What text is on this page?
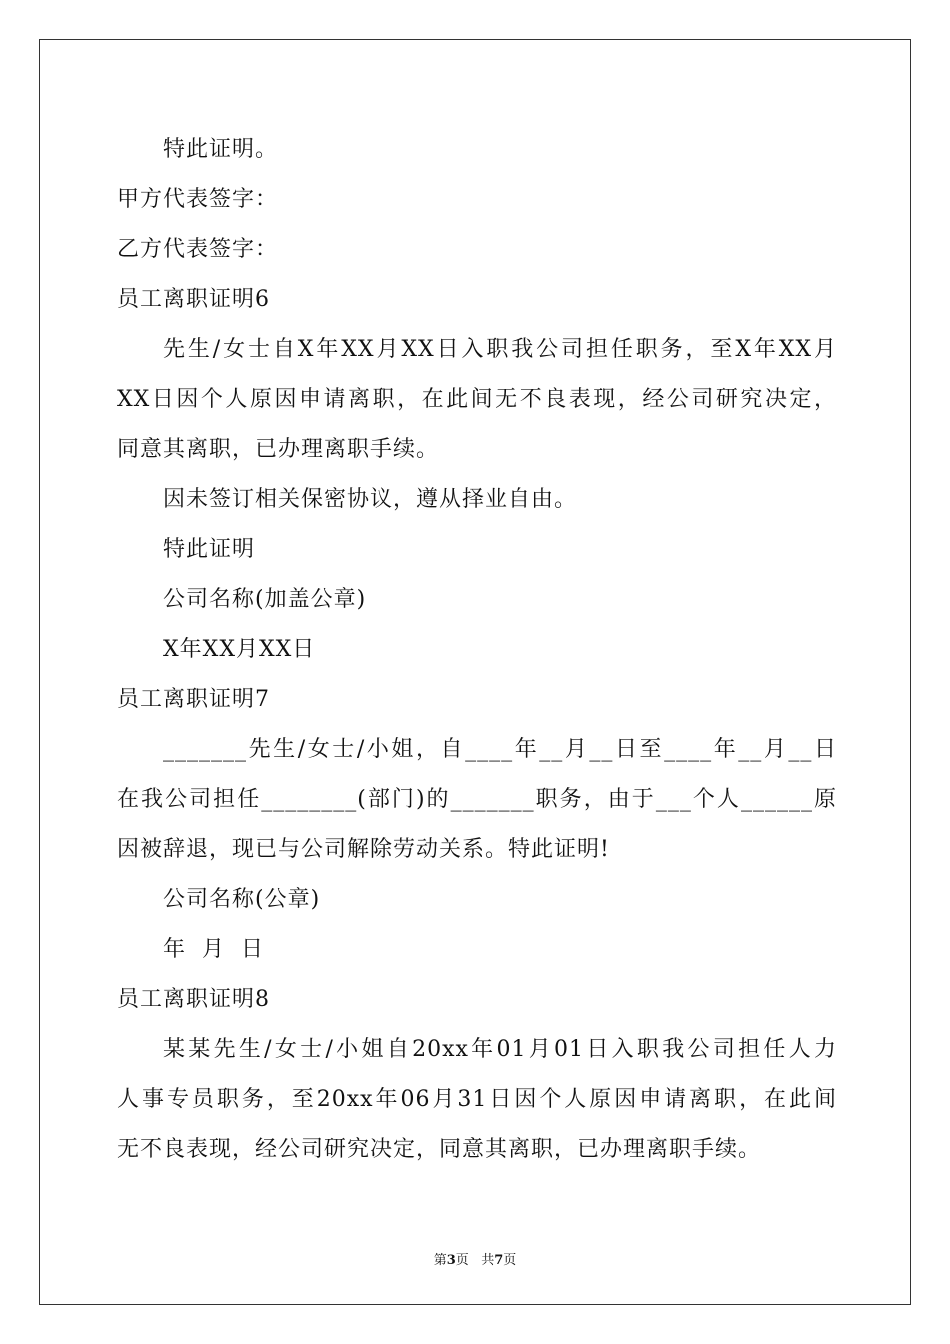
特此证明。
甲方代表签字：
乙方代表签字：
员工离职证明6
先生/女士自X年XX月XX日入职我公司担任职务，至X年XX月
XX日因个人原因申请离职，在此间无不良表现，经公司研究决定，
同意其离职，已办理离职手续。
因未签订相关保密协议，遵从择业自由。
特此证明
公司名称(加盖公章)
X年XX月XX日
员工离职证明7
_______先生/女士/小姐，自____年__月__日至____年__月__日
在我公司担任________(部门)的_______职务，由于___个人______原
因被辞退，现已与公司解除劳动关系。特此证明!
公司名称(公章)
年  月  日
员工离职证明8
某某先生/女士/小姐自20xx年01月01日入职我公司担任人力
人事专员职务，至20xx年06月31日因个人原因申请离职，在此间
无不良表现，经公司研究决定，同意其离职，已办理离职手续。
第3页   共7页
